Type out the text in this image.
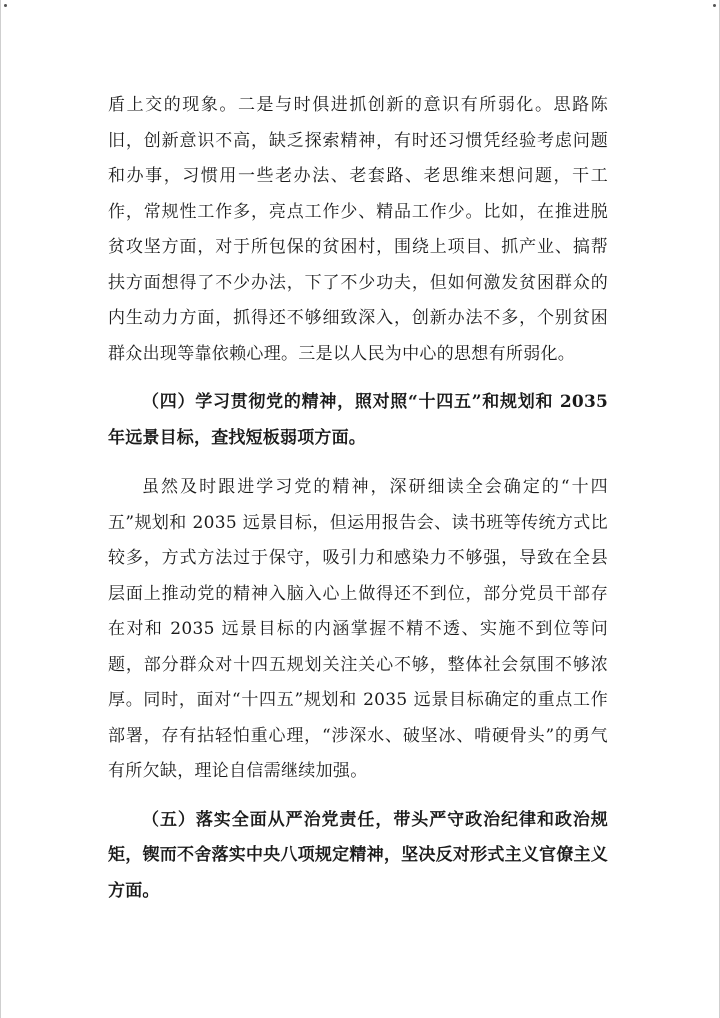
盾上交的现象。二是与时俱进抓创新的意识有所弱化。思路陈旧，创新意识不高，缺乏探索精神，有时还习惯凭经验考虑问题和办事，习惯用一些老办法、老套路、老思维来想问题，干工作，常规性工作多，亮点工作少、精品工作少。比如，在推进脱贫攻坚方面，对于所包保的贫困村，围绕上项目、抓产业、搞帮扶方面想得了不少办法，下了不少功夫，但如何激发贫困群众的内生动力方面，抓得还不够细致深入，创新办法不多，个别贫困群众出现等靠依赖心理。三是以人民为中心的思想有所弱化。

（四）学习贯彻党的精神，照对照“十四五”和规划和 2035 年远景目标，查找短板弱项方面。

虽然及时跟进学习党的精神，深研细读全会确定的“十四五”规划和 2035 远景目标，但运用报告会、读书班等传统方式比较多，方式方法过于保守，吸引力和感染力不够强，导致在全县层面上推动党的精神入脑入心上做得还不到位，部分党员干部存在对和 2035 远景目标的内涵掌握不精不透、实施不到位等问题，部分群众对十四五规划关注关心不够，整体社会氛围不够浓厚。同时，面对“十四五”规划和 2035 远景目标确定的重点工作部署，存有拈轻怕重心理，“涉深水、破坚冰、啃硬骨头”的勇气有所欠缺，理论自信需继续加强。

（五）落实全面从严治党责任，带头严守政治纪律和政治规矩，锲而不舍落实中央八项规定精神，坚决反对形式主义官僚主义方面。
